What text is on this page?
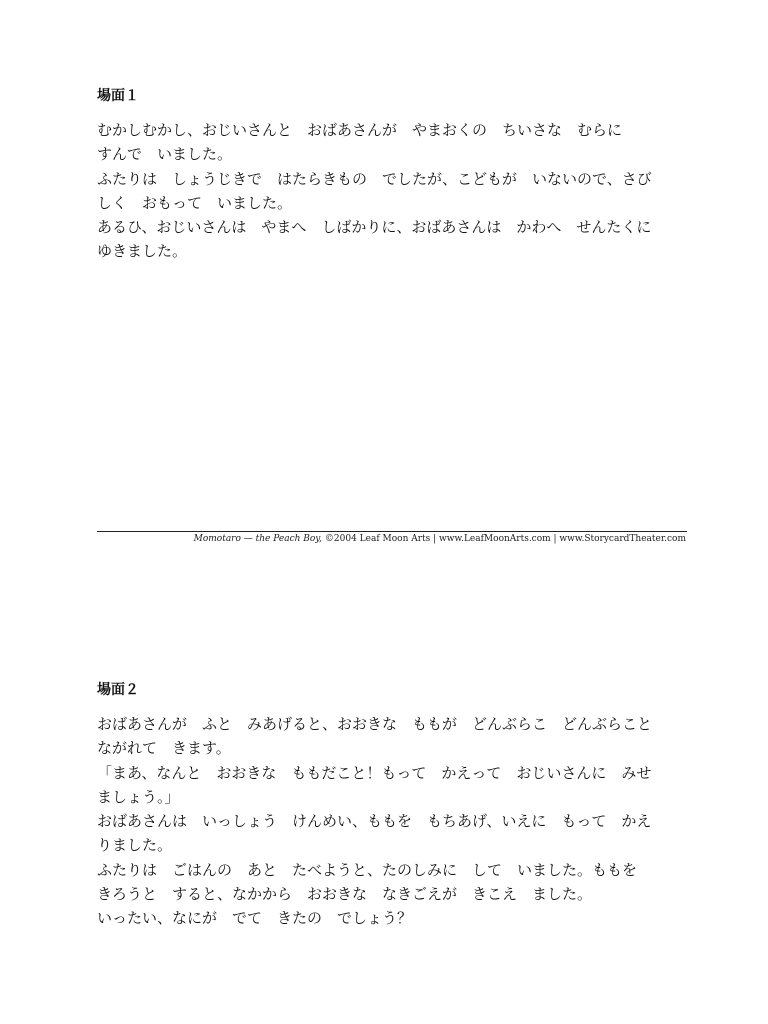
場面１

むかしむかし、おじいさんと　おばあさんが　やまおくの　ちいさな　むらに

すんで　いました。

ふたりは　しょうじきで　はたらきもの　でしたが、こどもが　いないので、さび

しく　おもって　いました。

あるひ、おじいさんは　やまへ　しばかりに、おばあさんは　かわへ　せんたくに

ゆきました。

Momotaro — the Peach Boy, ©2004 Leaf Moon Arts | www.LeafMoonArts.com | www.StorycardTheater.com
場面２

おばあさんが　ふと　みあげると、おおきな　ももが　どんぶらこ　どんぶらこと

ながれて　きます。

「まあ、なんと　おおきな　ももだこと！もって　かえって　おじいさんに　みせ

ましょう。」

おばあさんは　いっしょう　けんめい、ももを　もちあげ、いえに　もって　かえ

りました。

ふたりは　ごはんの　あと　たべようと、たのしみに　して　いました。ももを

きろうと　すると、なかから　おおきな　なきごえが　きこえ　ました。

いったい、なにが　でて　きたの　でしょう？
